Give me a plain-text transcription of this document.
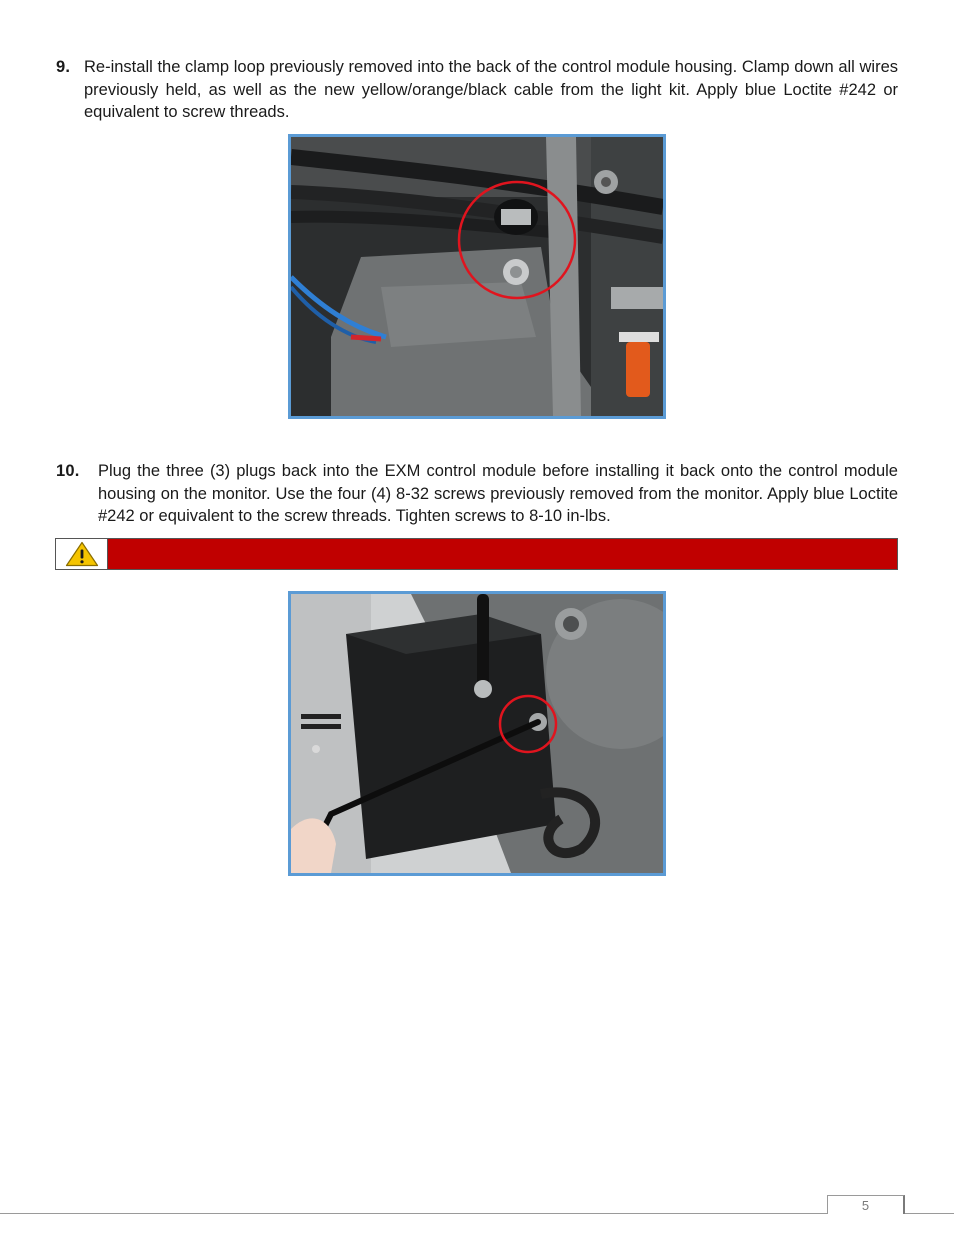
9. Re-install the clamp loop previously removed into the back of the control module housing. Clamp down all wires previously held, as well as the new yellow/orange/black cable from the light kit. Apply blue Loctite #242 or equivalent to screw threads.
10. Plug the three (3) plugs back into the EXM control module before installing it back onto the control module housing on the monitor. Use the four (4) 8-32 screws previously removed from the monitor. Apply blue Loctite #242 or equivalent to the screw threads. Tighten screws to 8-10 in-lbs.
5
